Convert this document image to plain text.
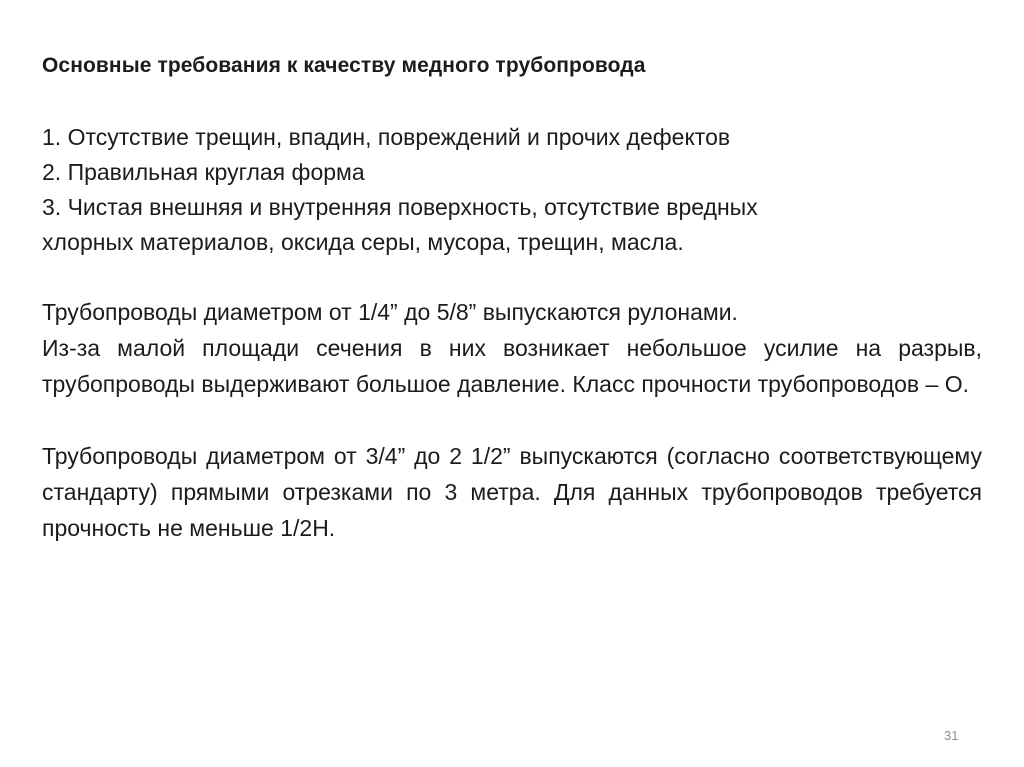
Основные требования к качеству медного трубопровода

1. Отсутствие трещин, впадин, повреждений и прочих дефектов

2. Правильная круглая форма

3. Чистая внешняя и внутренняя поверхность, отсутствие вредных

хлорных материалов, оксида серы, мусора, трещин, масла.

Трубопроводы диаметром от 1/4” до 5/8” выпускаются рулонами.

Из-за малой площади сечения в них возникает небольшое усилие на разрыв, трубопроводы выдерживают большое давление. Класс прочности трубопроводов – О.

Трубопроводы диаметром от 3/4” до 2 1/2” выпускаются (согласно соответствующему стандарту) прямыми отрезками по 3 метра. Для данных трубопроводов требуется прочность не меньше 1/2Н.

31
